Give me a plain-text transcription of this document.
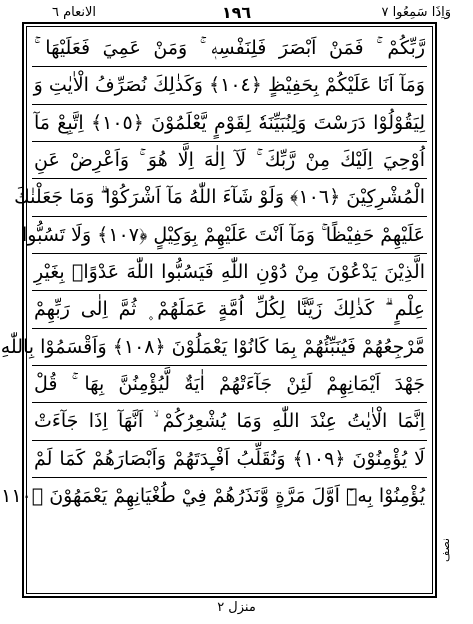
وَاِذَا سَمِعُوا ٧
١٩٦
الانعام ٦
رَّبِّكُمْ ۚ فَمَنْ اَبْصَرَ فَلِنَفْسِهٖ ۚ وَمَنْ عَمِيَ فَعَلَيْهَا ۚ
وَمَآ اَنَا عَلَيْكُمْ بِحَفِيْظٍ ﴿١٠٤﴾ وَكَذٰلِكَ نُصَرِّفُ الْاٰيٰتِ وَ
لِيَقُوْلُوْا دَرَسْتَ وَلِنُبَيِّنَهٗ لِقَوْمٍ يَّعْلَمُوْنَ ﴿١٠٥﴾ اِتَّبِعْ مَآ
اُوْحِيَ اِلَيْكَ مِنْ رَّبِّكَ ۚ لَآ اِلٰهَ اِلَّا هُوَ ۚ وَاَعْرِضْ عَنِ
الْمُشْرِكِيْنَ ﴿١٠٦﴾ وَلَوْ شَآءَ اللّٰهُ مَآ اَشْرَكُوْا ۗ وَمَا جَعَلْنٰكَ
عَلَيْهِمْ حَفِيْظًا ۚ وَمَآ اَنْتَ عَلَيْهِمْ بِوَكِيْلٍ ﴿١٠٧﴾ وَلَا تَسُبُّوا
الَّذِيْنَ يَدْعُوْنَ مِنْ دُوْنِ اللّٰهِ فَيَسُبُّوا اللّٰهَ عَدْوًاۢ بِغَيْرِ
عِلْمٍ ۗ كَذٰلِكَ زَيَّنَّا لِكُلِّ اُمَّةٍ عَمَلَهُمْ ۪ ثُمَّ اِلٰى رَبِّهِمْ
مَّرْجِعُهُمْ فَيُنَبِّئُهُمْ بِمَا كَانُوْا يَعْمَلُوْنَ ﴿١٠٨﴾ وَاَقْسَمُوْا بِاللّٰهِ
جَهْدَ اَيْمَانِهِمْ لَئِنْ جَآءَتْهُمْ اٰيَةٌ لَّيُؤْمِنُنَّ بِهَا ۚ قُلْ
اِنَّمَا الْاٰيٰتُ عِنْدَ اللّٰهِ وَمَا يُشْعِرُكُمْ ۙ اَنَّهَآ اِذَا جَآءَتْ
لَا يُؤْمِنُوْنَ ﴿١٠٩﴾ وَنُقَلِّبُ اَفْـِٕدَتَهُمْ وَاَبْصَارَهُمْ كَمَا لَمْ
يُؤْمِنُوْا بِهٖٓ اَوَّلَ مَرَّةٍ وَّنَذَرُهُمْ فِيْ طُغْيَانِهِمْ يَعْمَهُوْنَ ﴿١١٠
نصف
منزل ٢
